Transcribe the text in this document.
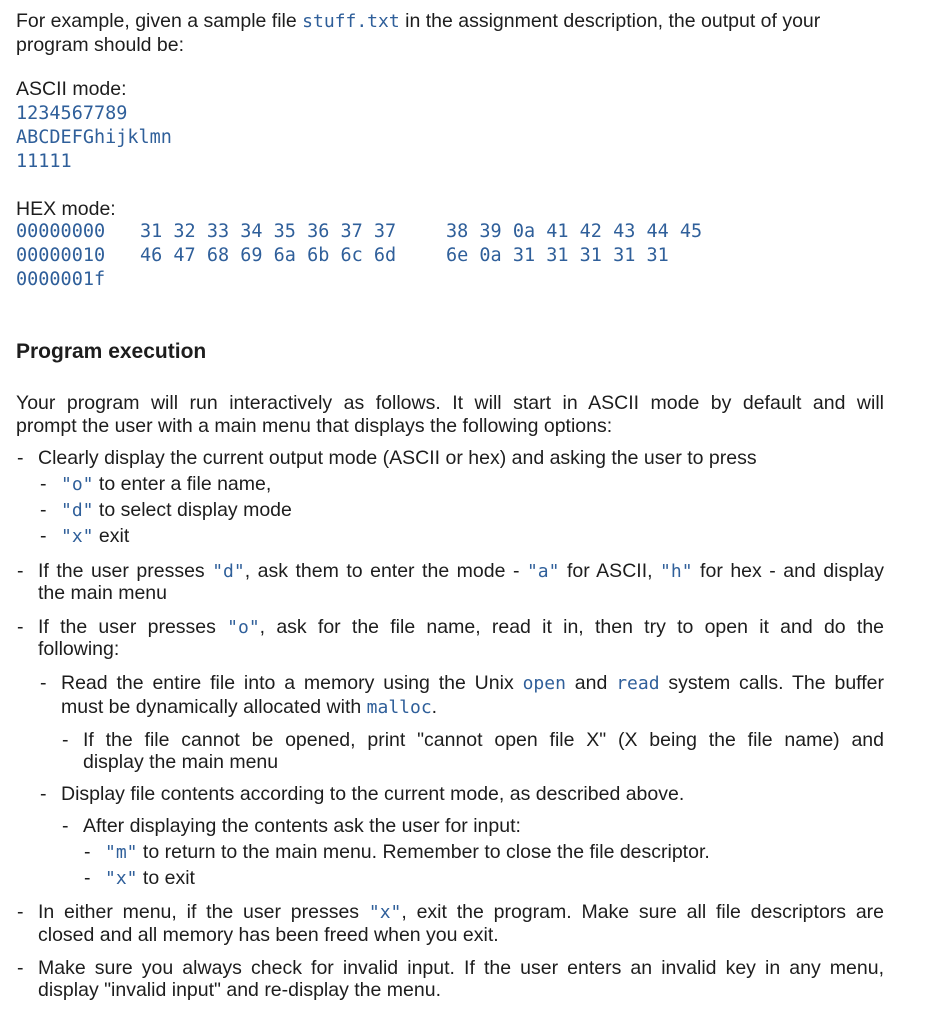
For example, given a sample file stuff.txt in the assignment description, the output of your
program should be:
ASCII mode:
1234567789
ABCDEFGhijklmn
11111
HEX mode:
00000000 31 32 33 34 35 36 37 37	38 39 0a 41 42 43 44 45
00000010 46 47 68 69 6a 6b 6c 6d	6e 0a 31 31 31 31 31
0000001f
Program execution
Your program will run interactively as follows. It will start in ASCII mode by default and will
prompt the user with a main menu that displays the following options:
- Clearly display the current output mode (ASCII or hex) and asking the user to press
- "o" to enter a file name,
- "d" to select display mode
- "x" exit
- If the user presses "d", ask them to enter the mode - "a" for ASCII, "h" for hex - and display
the main menu
- If the user presses "o", ask for the file name, read it in, then try to open it and do the
following:
- Read the entire file into a memory using the Unix open and read system calls. The buffer
must be dynamically allocated with malloc.
- If the file cannot be opened, print "cannot open file X" (X being the file name) and
display the main menu
- Display file contents according to the current mode, as described above.
- After displaying the contents ask the user for input:
- "m" to return to the main menu. Remember to close the file descriptor.
- "x" to exit
- In either menu, if the user presses "x", exit the program. Make sure all file descriptors are
closed and all memory has been freed when you exit.
- Make sure you always check for invalid input. If the user enters an invalid key in any menu,
display "invalid input" and re-display the menu.
